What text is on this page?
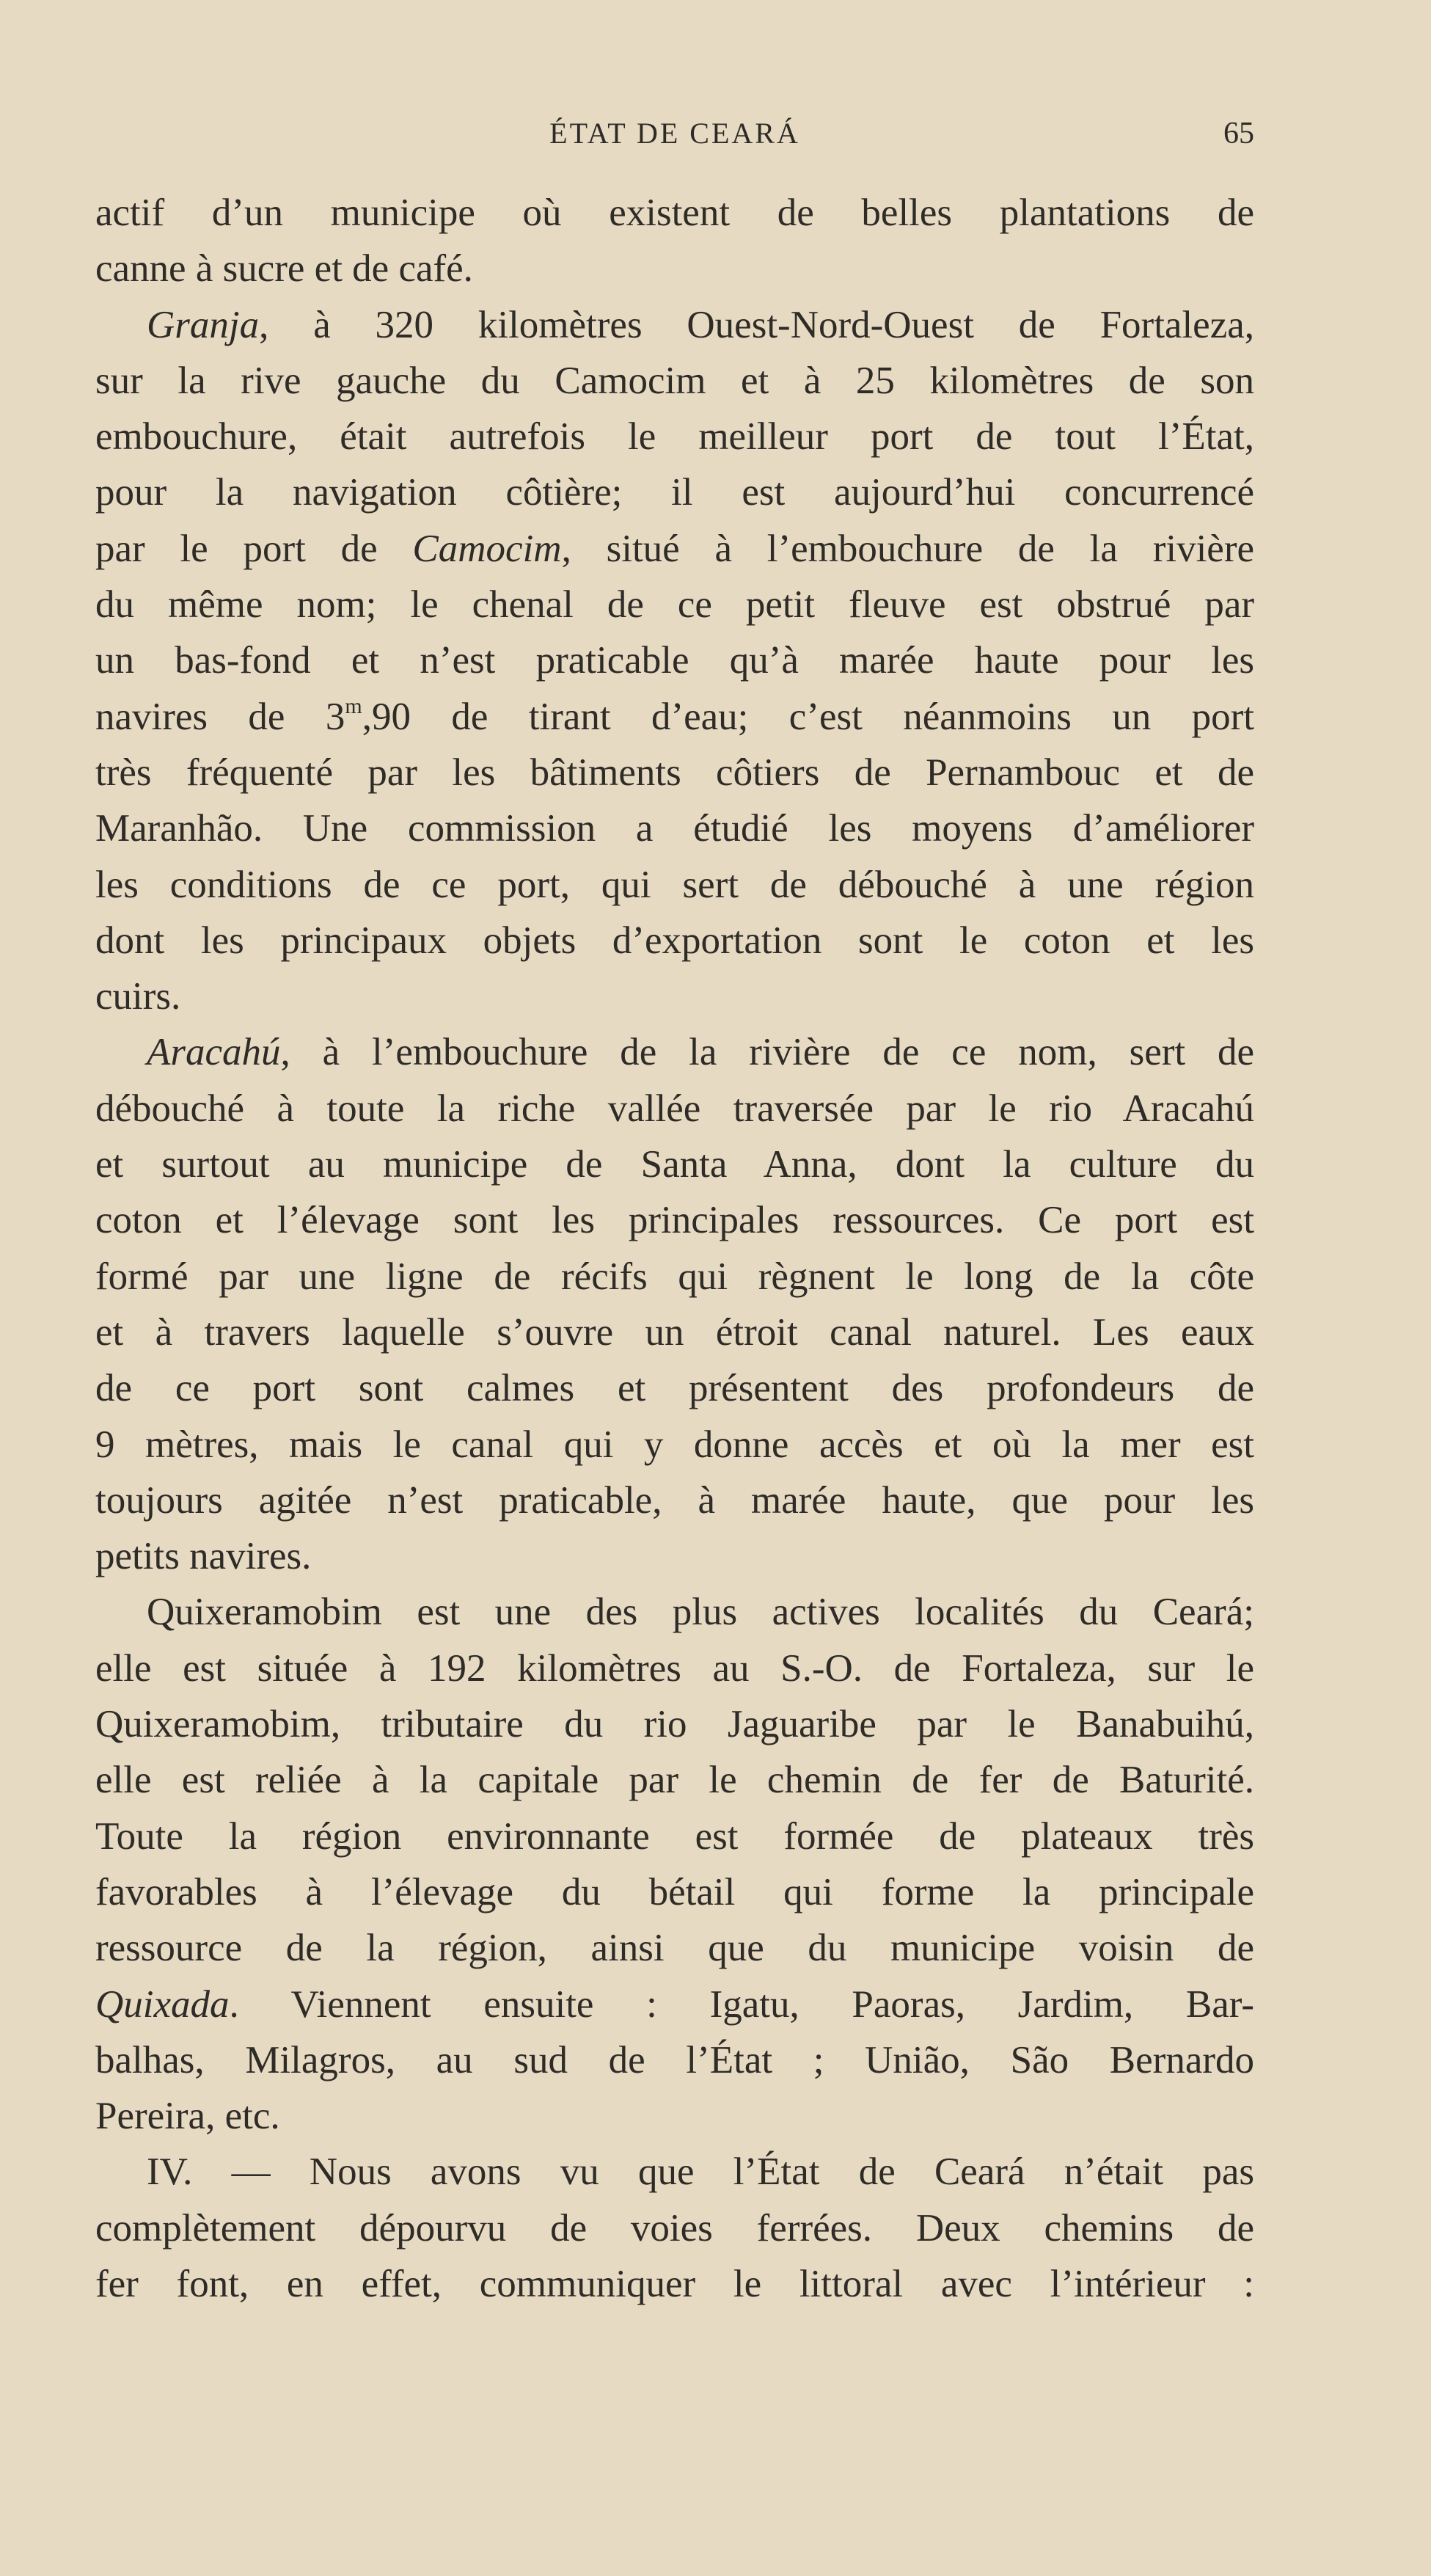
ÉTAT DE CEARÁ	65
actif d’un municipe où existent de belles plantations de
canne à sucre et de café.
Granja, à 320 kilomètres Ouest-Nord-Ouest de Fortaleza,
sur la rive gauche du Camocim et à 25 kilomètres de son
embouchure, était autrefois le meilleur port de tout l’État,
pour la navigation côtière; il est aujourd’hui concurrencé
par le port de Camocim, situé à l’embouchure de la rivière
du même nom; le chenal de ce petit fleuve est obstrué par
un bas-fond et n’est praticable qu’à marée haute pour les
navires de 3$^m$,90 de tirant d’eau; c’est néanmoins un port
très fréquenté par les bâtiments côtiers de Pernambouc et de
Maranhão. Une commission a étudié les moyens d’améliorer
les conditions de ce port, qui sert de débouché à une région
dont les principaux objets d’exportation sont le coton et les
cuirs.
Aracahú, à l’embouchure de la rivière de ce nom, sert de
débouché à toute la riche vallée traversée par le rio Aracahú
et surtout au municipe de Santa Anna, dont la culture du
coton et l’élevage sont les principales ressources. Ce port est
formé par une ligne de récifs qui règnent le long de la côte
et à travers laquelle s’ouvre un étroit canal naturel. Les eaux
de ce port sont calmes et présentent des profondeurs de
9 mètres, mais le canal qui y donne accès et où la mer est
toujours agitée n’est praticable, à marée haute, que pour les
petits navires.
Quixeramobim est une des plus actives localités du Ceará;
elle est située à 192 kilomètres au S.-O. de Fortaleza, sur le
Quixeramobim, tributaire du rio Jaguaribe par le Banabuihú,
elle est reliée à la capitale par le chemin de fer de Baturité.
Toute la région environnante est formée de plateaux très
favorables à l’élevage du bétail qui forme la principale
ressource de la région, ainsi que du municipe voisin de
Quixada. Viennent ensuite : Igatu, Paoras, Jardim, Bar-
balhas, Milagros, au sud de l’État ; União, São Bernardo
Pereira, etc.
IV. — Nous avons vu que l’État de Ceará n’était pas
complètement dépourvu de voies ferrées. Deux chemins de
fer font, en effet, communiquer le littoral avec l’intérieur :
